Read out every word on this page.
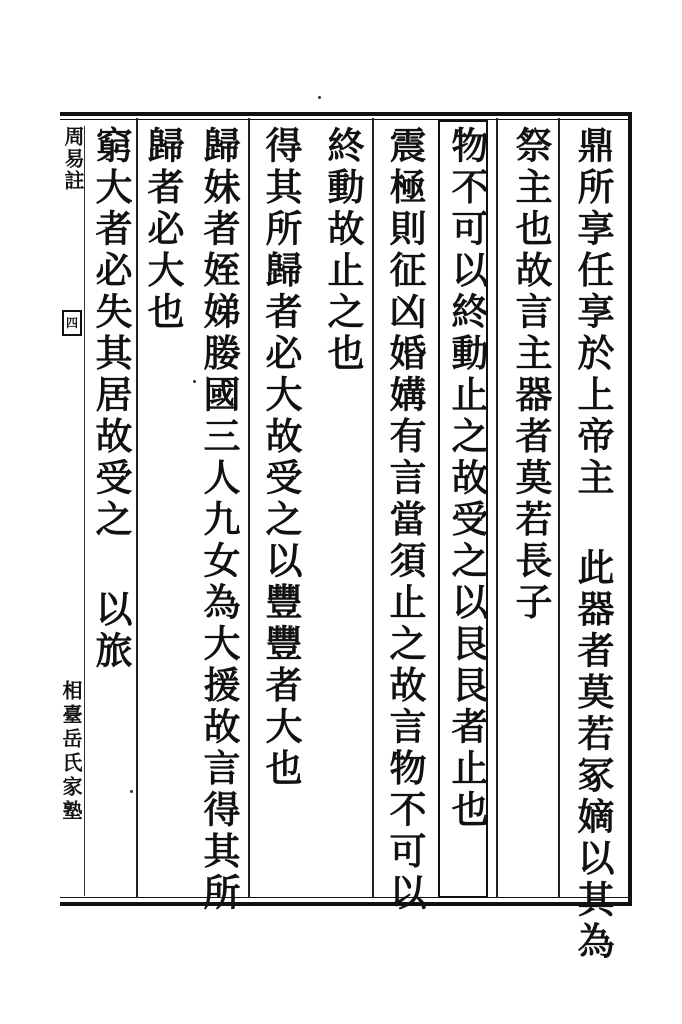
鼎所享任享於上帝主 此器者莫若冢嫡以其為
祭主也故言主器者莫若長子
物不可以終動止之故受之以艮艮者止也
震極則征凶婚媾有言當須止之故言物不可以
終動故止之也
得其所歸者必大故受之以豐豐者大也
歸妹者姪娣媵國三人九女為大援故言得其所
歸者必大也
窮大者必失其居故受之 以旅
周易註
四
相臺岳氏家塾
